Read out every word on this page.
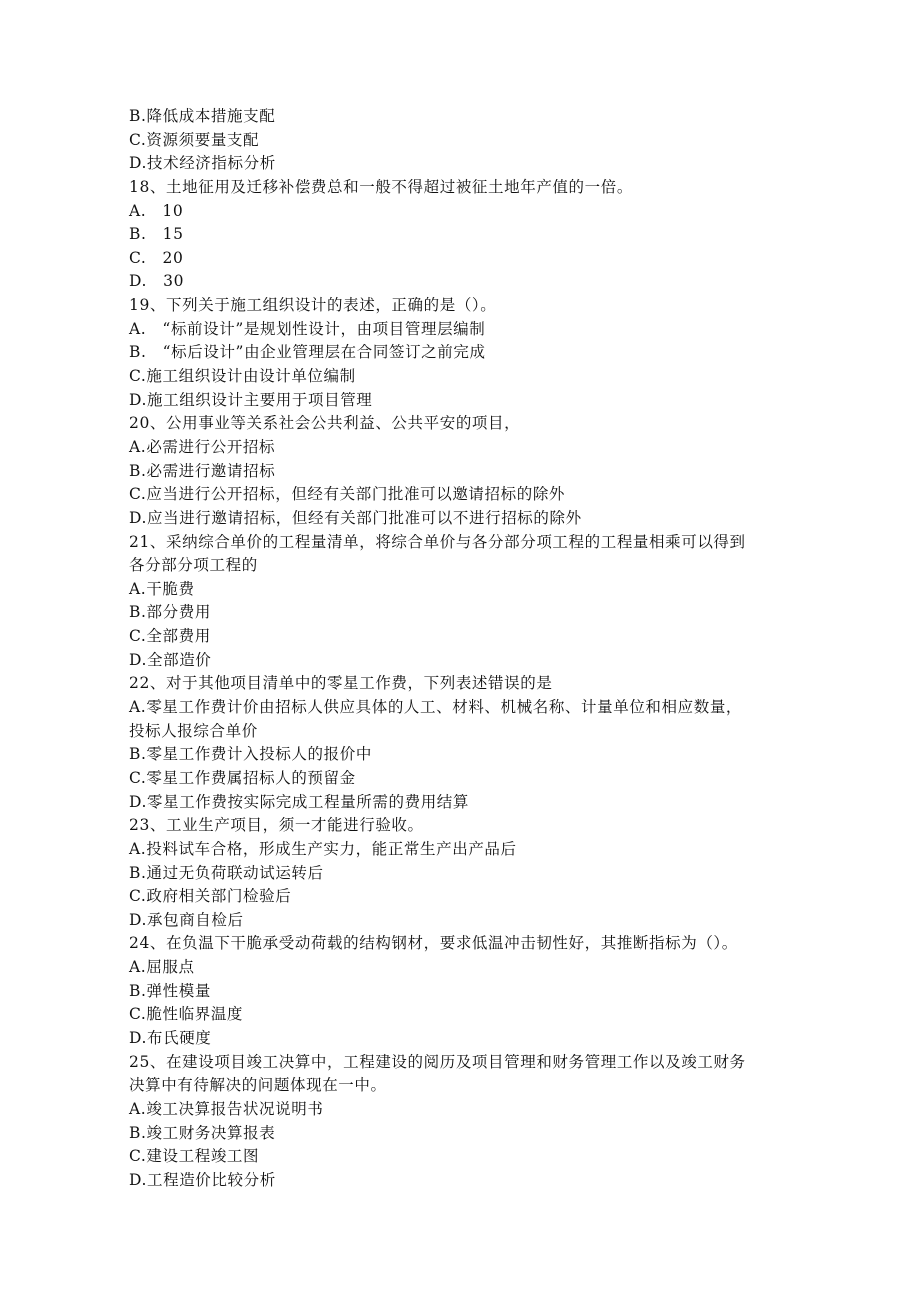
B.降低成本措施支配
C.资源须要量支配
D.技术经济指标分析
18、土地征用及迁移补偿费总和一般不得超过被征土地年产值的一倍。
A.　10
B.　15
C.　20
D.　30
19、下列关于施工组织设计的表述，正确的是（）。
A.　“标前设计”是规划性设计，由项目管理层编制
B.　“标后设计”由企业管理层在合同签订之前完成
C.施工组织设计由设计单位编制
D.施工组织设计主要用于项目管理
20、公用事业等关系社会公共利益、公共平安的项目，
A.必需进行公开招标
B.必需进行邀请招标
C.应当进行公开招标，但经有关部门批准可以邀请招标的除外
D.应当进行邀请招标，但经有关部门批准可以不进行招标的除外
21、采纳综合单价的工程量清单，将综合单价与各分部分项工程的工程量相乘可以得到
各分部分项工程的
A.干脆费
B.部分费用
C.全部费用
D.全部造价
22、对于其他项目清单中的零星工作费，下列表述错误的是
A.零星工作费计价由招标人供应具体的人工、材料、机械名称、计量单位和相应数量，
投标人报综合单价
B.零星工作费计入投标人的报价中
C.零星工作费属招标人的预留金
D.零星工作费按实际完成工程量所需的费用结算
23、工业生产项目，须一才能进行验收。
A.投料试车合格，形成生产实力，能正常生产出产品后
B.通过无负荷联动试运转后
C.政府相关部门检验后
D.承包商自检后
24、在负温下干脆承受动荷载的结构钢材，要求低温冲击韧性好，其推断指标为（）。
A.屈服点
B.弹性模量
C.脆性临界温度
D.布氏硬度
25、在建设项目竣工决算中，工程建设的阅历及项目管理和财务管理工作以及竣工财务
决算中有待解决的问题体现在一中。
A.竣工决算报告状况说明书
B.竣工财务决算报表
C.建设工程竣工图
D.工程造价比较分析
